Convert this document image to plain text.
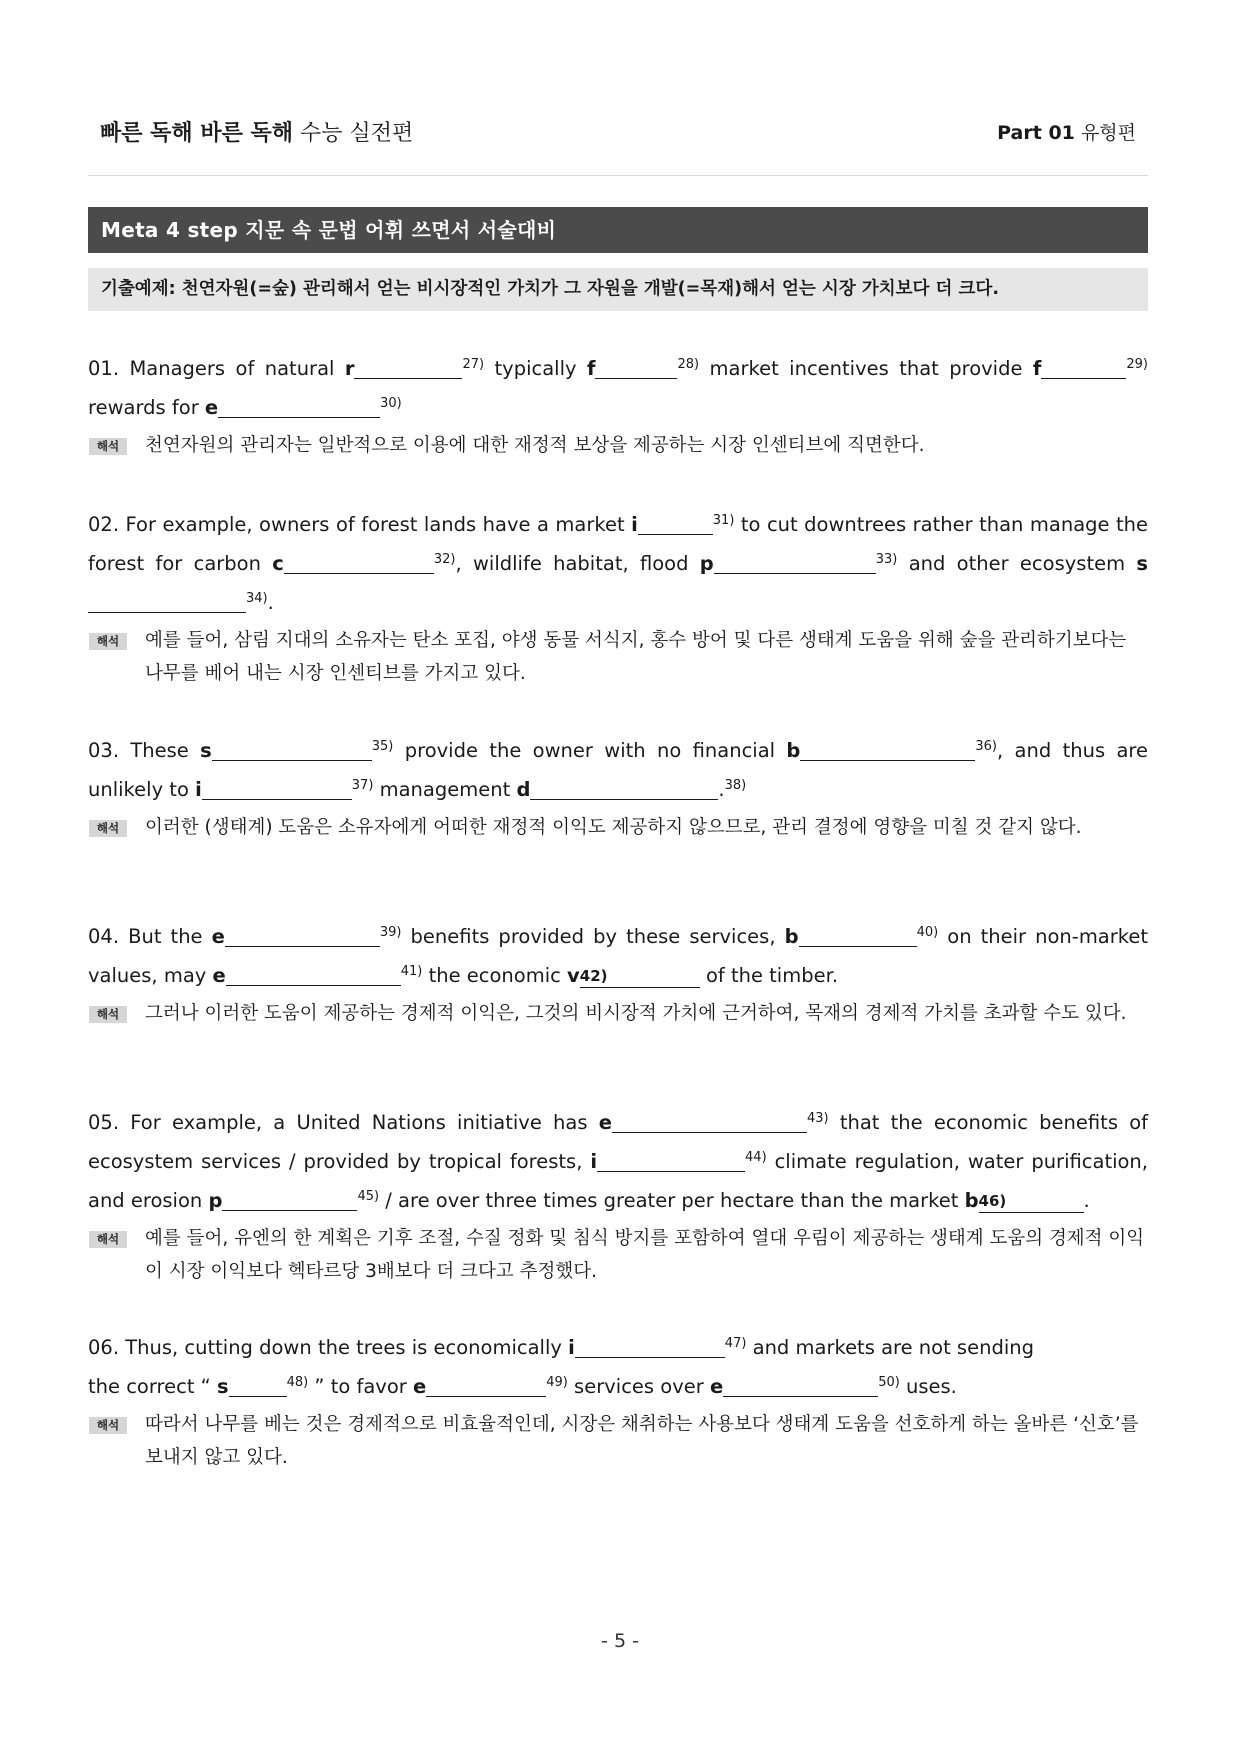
빠른 독해 바른 독해 수능 실전편	Part 01 유형편
Meta 4 step 지문 속 문법 어휘 쓰면서 서술대비
기출예제: 천연자원(=숲) 관리해서 얻는 비시장적인 가치가 그 자원을 개발(=목재)해서 얻는 시장 가치보다 더 크다.
01. Managers of natural r	$^{27)}$ typically f	$^{28)}$ market incentives that provide f	$^{29)}$ rewards for e	$^{30)}$
해석	천연자원의 관리자는 일반적으로 이용에 대한 재정적 보상을 제공하는 시장 인센티브에 직면한다.
02. For example, owners of forest lands have a market i	$^{31)}$ to cut downtrees rather than manage the forest for carbon c	$^{32)}$, wildlife habitat, flood p	$^{33)}$ and other ecosystem $s^{34)}$.
해석	예를 들어, 삼림 지대의 소유자는 탄소 포집, 야생 동물 서식지, 홍수 방어 및 다른 생태계 도움을 위해 숲을 관리하기보다는 나무를 베어 내는 시장 인센티브를 가지고 있다.
03. These s	$^{35)}$ provide the owner with no financial b	$^{36)}$, and thus are unlikely to i	$^{37)}$ management d	.$^{38)}$
해석	이러한 (생태계) 도움은 소유자에게 어떠한 재정적 이익도 제공하지 않으므로, 관리 결정에 영향을 미칠 것 같지 않다.
04. But the e	$^{39)}$ benefits provided by these services, b	$^{40)}$ on their non-market values, may e	$^{41)}$ the economic v42)	of the timber.
해석	그러나 이러한 도움이 제공하는 경제적 이익은, 그것의 비시장적 가치에 근거하여, 목재의 경제적 가치를 초과할 수도 있다.
05. For example, a United Nations initiative has e	$^{43)}$ that the economic benefits of ecosystem services / provided by tropical forests, i	$^{44)}$ climate regulation, water purification, and erosion p	$^{45)}$ / are over three times greater per hectare than the market b46)	.
해석	예를 들어, 유엔의 한 계획은 기후 조절, 수질 정화 및 침식 방지를 포함하여 열대 우림이 제공하는 생태계 도움의 경제적 이익이 시장 이익보다 헥타르당 3배보다 더 크다고 추정했다.
06. Thus, cutting down the trees is economically i	$^{47)}$ and markets are not sending
the correct “ s	$^{48)}$ ” to favor e	$^{49)}$ services over e	$^{50)}$ uses.
해석	따라서 나무를 베는 것은 경제적으로 비효율적인데, 시장은 채취하는 사용보다 생태계 도움을 선호하게 하는 올바른 ‘신호’를 보내지 않고 있다.
- 5 -
